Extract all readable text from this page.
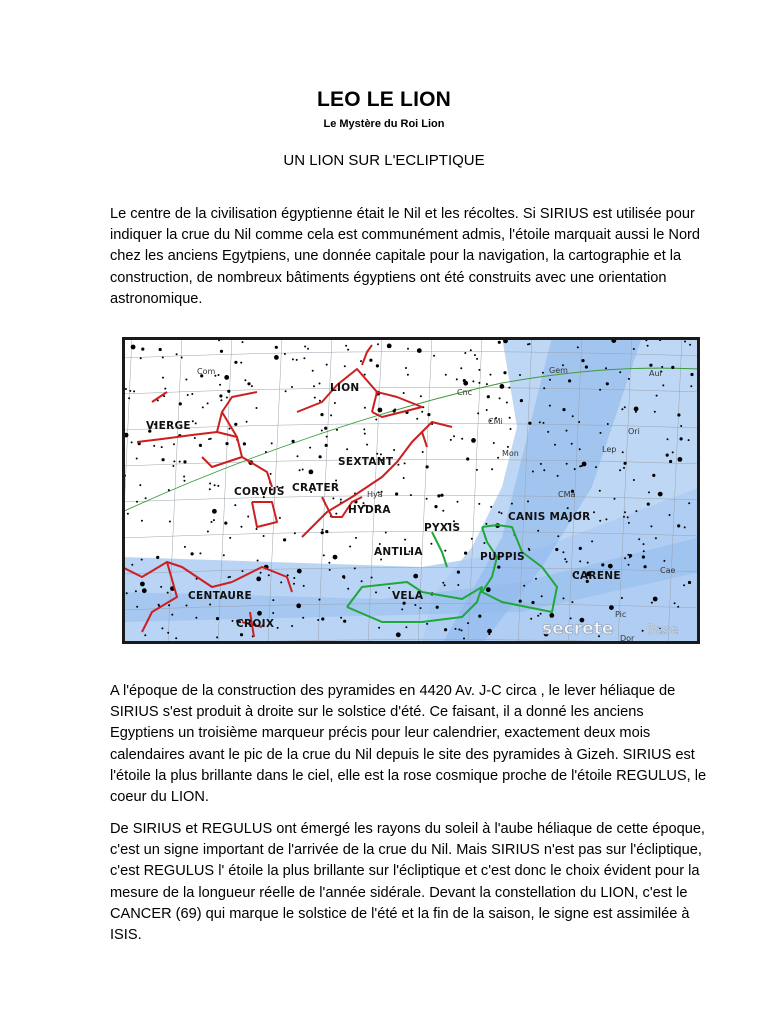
LEO LE LION
Le Mystère du Roi Lion
UN LION SUR L'ECLIPTIQUE

Le centre de la civilisation égyptienne était le Nil et les récoltes. Si SIRIUS est utilisée pour indiquer la crue du Nil comme cela est communément admis, l'étoile marquait aussi le Nord chez les anciens Egytpiens, une donnée capitale pour la navigation, la cartographie et la construction, de nombreux bâtiments égyptiens ont été construits avec une orientation astronomique.

LION
VIERGE
SEXTANT
CORVUS CRATER
HYDRA
PYXIS
CANIS MAJOR
ANTILIA	PUPPIS
CARENE
CENTAURE	VELA
CROIX
Com
Cnc
Gem	Aur
CMi
Ori
Mon	Lep
CMa
Hya
Cae
Pic
Dor
secrete	Base

A l'époque de la construction des pyramides en 4420 Av. J-C circa , le lever héliaque de SIRIUS s'est produit à droite sur le solstice d'été. Ce faisant, il a donné les anciens Egyptiens un troisième marqueur précis pour leur calendrier, exactement deux mois calendaires avant le pic de la crue du Nil depuis le site des pyramides à Gizeh. SIRIUS est l'étoile la plus brillante dans le ciel, elle est la rose cosmique proche de l'étoile REGULUS, le coeur du LION.

De SIRIUS et REGULUS ont émergé les rayons du soleil à l'aube héliaque de cette époque, c'est un signe important de l'arrivée de la crue du Nil. Mais SIRIUS n'est pas sur l'écliptique, c'est REGULUS l' étoile la plus brillante sur l'écliptique et c'est donc le choix évident pour la mesure de la longueur réelle de l'année sidérale. Devant la constellation du LION, c'est le CANCER (69) qui marque le solstice de l'été et la fin de la saison, le signe est assimilée à ISIS.
